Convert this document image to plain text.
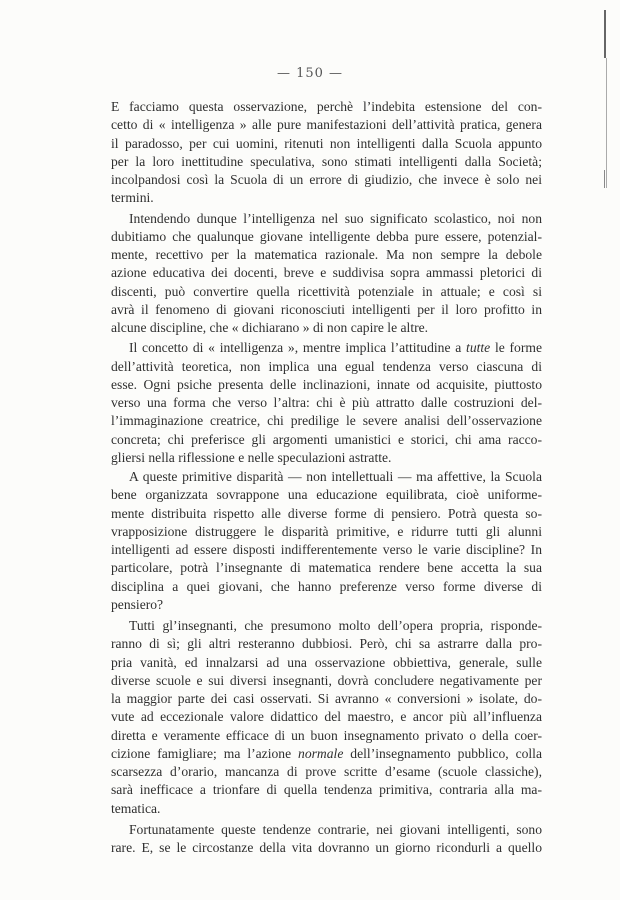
— 150 —

E facciamo questa osservazione, perchè l’indebita estensione del con-
cetto di « intelligenza » alle pure manifestazioni dell’attività pratica, genera
il paradosso, per cui uomini, ritenuti non intelligenti dalla Scuola appunto
per la loro inettitudine speculativa, sono stimati intelligenti dalla Società;
incolpandosi così la Scuola di un errore di giudizio, che invece è solo nei
termini.

Intendendo dunque l’intelligenza nel suo significato scolastico, noi non
dubitiamo che qualunque giovane intelligente debba pure essere, potenzial-
mente, recettivo per la matematica razionale. Ma non sempre la debole
azione educativa dei docenti, breve e suddivisa sopra ammassi pletorici di
discenti, può convertire quella ricettività potenziale in attuale; e così si
avrà il fenomeno di giovani riconosciuti intelligenti per il loro profitto in
alcune discipline, che « dichiarano » di non capire le altre.

Il concetto di « intelligenza », mentre implica l’attitudine a tutte le forme
dell’attività teoretica, non implica una egual tendenza verso ciascuna di
esse. Ogni psiche presenta delle inclinazioni, innate od acquisite, piuttosto
verso una forma che verso l’altra: chi è più attratto dalle costruzioni del-
l’immaginazione creatrice, chi predilige le severe analisi dell’osservazione
concreta; chi preferisce gli argomenti umanistici e storici, chi ama racco-
gliersi nella riflessione e nelle speculazioni astratte.

A queste primitive disparità — non intellettuali — ma affettive, la Scuola
bene organizzata sovrappone una educazione equilibrata, cioè uniforme-
mente distribuita rispetto alle diverse forme di pensiero. Potrà questa so-
vrapposizione distruggere le disparità primitive, e ridurre tutti gli alunni
intelligenti ad essere disposti indifferentemente verso le varie discipline? In
particolare, potrà l’insegnante di matematica rendere bene accetta la sua
disciplina a quei giovani, che hanno preferenze verso forme diverse di
pensiero?

Tutti gl’insegnanti, che presumono molto dell’opera propria, risponde-
ranno di sì; gli altri resteranno dubbiosi. Però, chi sa astrarre dalla pro-
pria vanità, ed innalzarsi ad una osservazione obbiettiva, generale, sulle
diverse scuole e sui diversi insegnanti, dovrà concludere negativamente per
la maggior parte dei casi osservati. Si avranno « conversioni » isolate, do-
vute ad eccezionale valore didattico del maestro, e ancor più all’influenza
diretta e veramente efficace di un buon insegnamento privato o della coer-
cizione famigliare; ma l’azione normale dell’insegnamento pubblico, colla
scarsezza d’orario, mancanza di prove scritte d’esame (scuole classiche),
sarà inefficace a trionfare di quella tendenza primitiva, contraria alla ma-
tematica.

Fortunatamente queste tendenze contrarie, nei giovani intelligenti, sono
rare. E, se le circostanze della vita dovranno un giorno ricondurli a quello
